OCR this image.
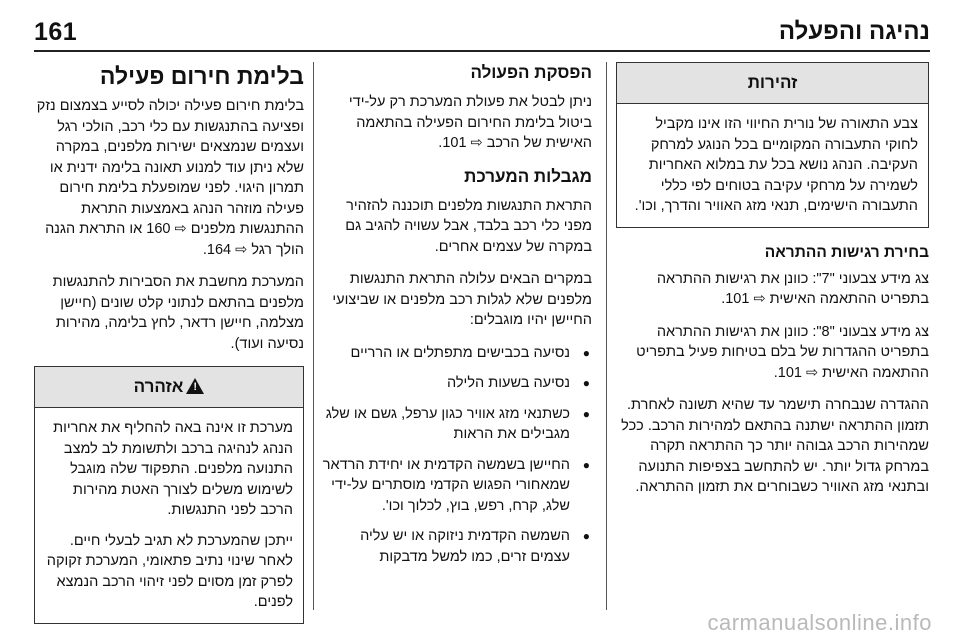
161	נהיגה והפעלה
זהירות

צבע התאורה של נורית החיווי הזו אינו מקביל לחוקי התעבורה המקומיים בכל הנוגע למרחק העקיבה. הנהג נושא בכל עת במלוא האחריות לשמירה על מרחקי עקיבה בטוחים לפי כללי התעבורה הישימים, תנאי מזג האוויר והדרך, וכו'.

בחירת רגישות ההתראה

צג מידע צבעוני "7": כוונן את רגישות ההתראה בתפריט ההתאמה האישית ⇨ 101.

צג מידע צבעוני "8": כוונן את רגישות ההתראה בתפריט ההגדרות של בלם בטיחות פעיל בתפריט ההתאמה האישית ⇨ 101.

ההגדרה שנבחרה תישמר עד שהיא תשונה לאחרת. תזמון ההתראה ישתנה בהתאם למהירות הרכב. ככל שמהירות הרכב גבוהה יותר כך ההתראה תקרה במרחק גדול יותר. יש להתחשב בצפיפות התנועה ובתנאי מזג האוויר כשבוחרים את תזמון ההתראה.

הפסקת הפעולה

ניתן לבטל את פעולת המערכת רק על-ידי ביטול בלימת החירום הפעילה בהתאמה האישית של הרכב ⇨ 101.

מגבלות המערכת

התראת התנגשות מלפנים תוכננה להזהיר מפני כלי רכב בלבד, אבל עשויה להגיב גם במקרה של עצמים אחרים.

במקרים הבאים עלולה התראת התנגשות מלפנים שלא לגלות רכב מלפנים או שביצועי החיישן יהיו מוגבלים:

● נסיעה בכבישים מתפתלים או הרריים
● נסיעה בשעות הלילה
● כשתנאי מזג אוויר כגון ערפל, גשם או שלג מגבילים את הראות
● החיישן בשמשה הקדמית או יחידת הרדאר שמאחורי הפגוש הקדמי מוסתרים על-ידי שלג, קרח, רפש, בוץ, לכלוך וכו'.
● השמשה הקדמית ניזוקה או יש עליה עצמים זרים, כמו למשל מדבקות
בלימת חירום פעילה

בלימת חירום פעילה יכולה לסייע בצמצום נזק ופציעה בהתנגשות עם כלי רכב, הולכי רגל ועצמים שנמצאים ישירות מלפנים, במקרה שלא ניתן עוד למנוע תאונה בלימה ידנית או תמרון היגוי. לפני שמופעלת בלימת חירום פעילה מוזהר הנהג באמצעות התראת ההתנגשות מלפנים ⇨ 160 או התראת הגנה הולך רגל ⇨ 164.

המערכת מחשבת את הסבירות להתנגשות מלפנים בהתאם לנתוני קלט שונים (חיישן מצלמה, חיישן רדאר, לחץ בלימה, מהירות נסיעה ועוד).

!אזהרה

מערכת זו אינה באה להחליף את אחריות הנהג לנהיגה ברכב ולתשומת לב למצב התנועה מלפנים. התפקוד שלה מוגבל לשימוש משלים לצורך האטת מהירות הרכב לפני התנגשות.

ייתכן שהמערכת לא תגיב לבעלי חיים. לאחר שינוי נתיב פתאומי, המערכת זקוקה לפרק זמן מסוים לפני זיהוי הרכב הנמצא לפנים.

carmanualsonline.info
